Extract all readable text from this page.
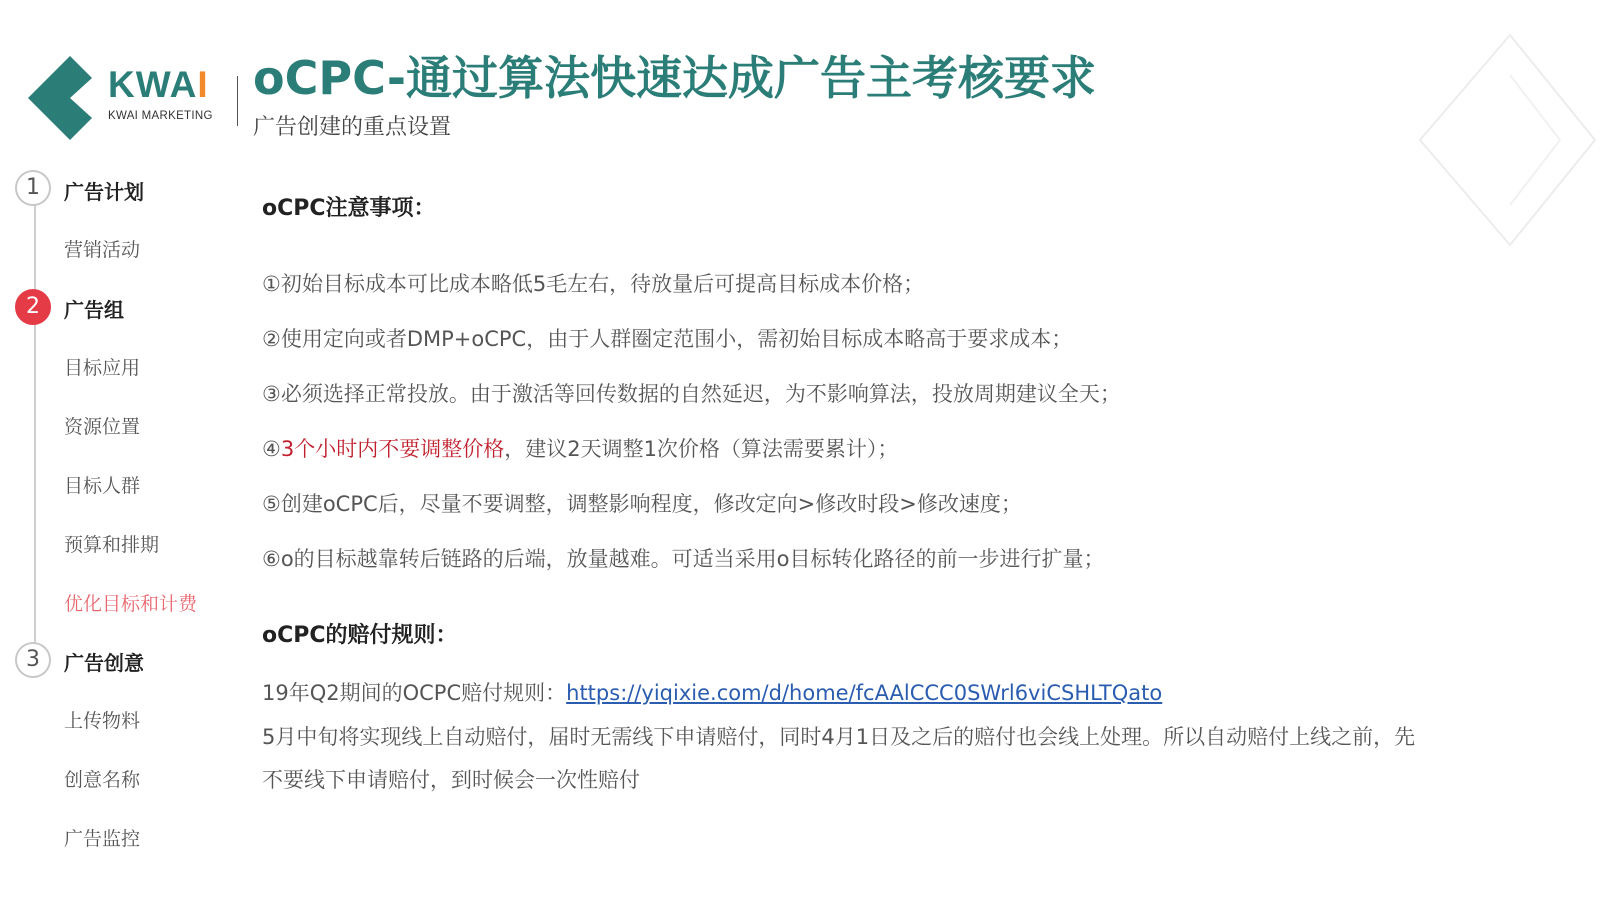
KWAI
KWAI MARKETING
oCPC-通过算法快速达成广告主考核要求
广告创建的重点设置
1	广告计划
营销活动
2	广告组
目标应用
资源位置
目标人群
预算和排期
优化目标和计费
3	广告创意
上传物料
创意名称
广告监控
oCPC注意事项：
①初始目标成本可比成本略低5毛左右，待放量后可提高目标成本价格；
②使用定向或者DMP+oCPC，由于人群圈定范围小，需初始目标成本略高于要求成本；
③必须选择正常投放。由于激活等回传数据的自然延迟，为不影响算法，投放周期建议全天；
④3个小时内不要调整价格，建议2天调整1次价格（算法需要累计）；
⑤创建oCPC后，尽量不要调整，调整影响程度，修改定向>修改时段>修改速度；
⑥o的目标越靠转后链路的后端，放量越难。可适当采用o目标转化路径的前一步进行扩量；
oCPC的赔付规则：
19年Q2期间的OCPC赔付规则：https://yiqixie.com/d/home/fcAAlCCC0SWrl6viCSHLTQato
5月中旬将实现线上自动赔付，届时无需线下申请赔付，同时4月1日及之后的赔付也会线上处理。所以自动赔付上线之前，先不要线下申请赔付，到时候会一次性赔付
